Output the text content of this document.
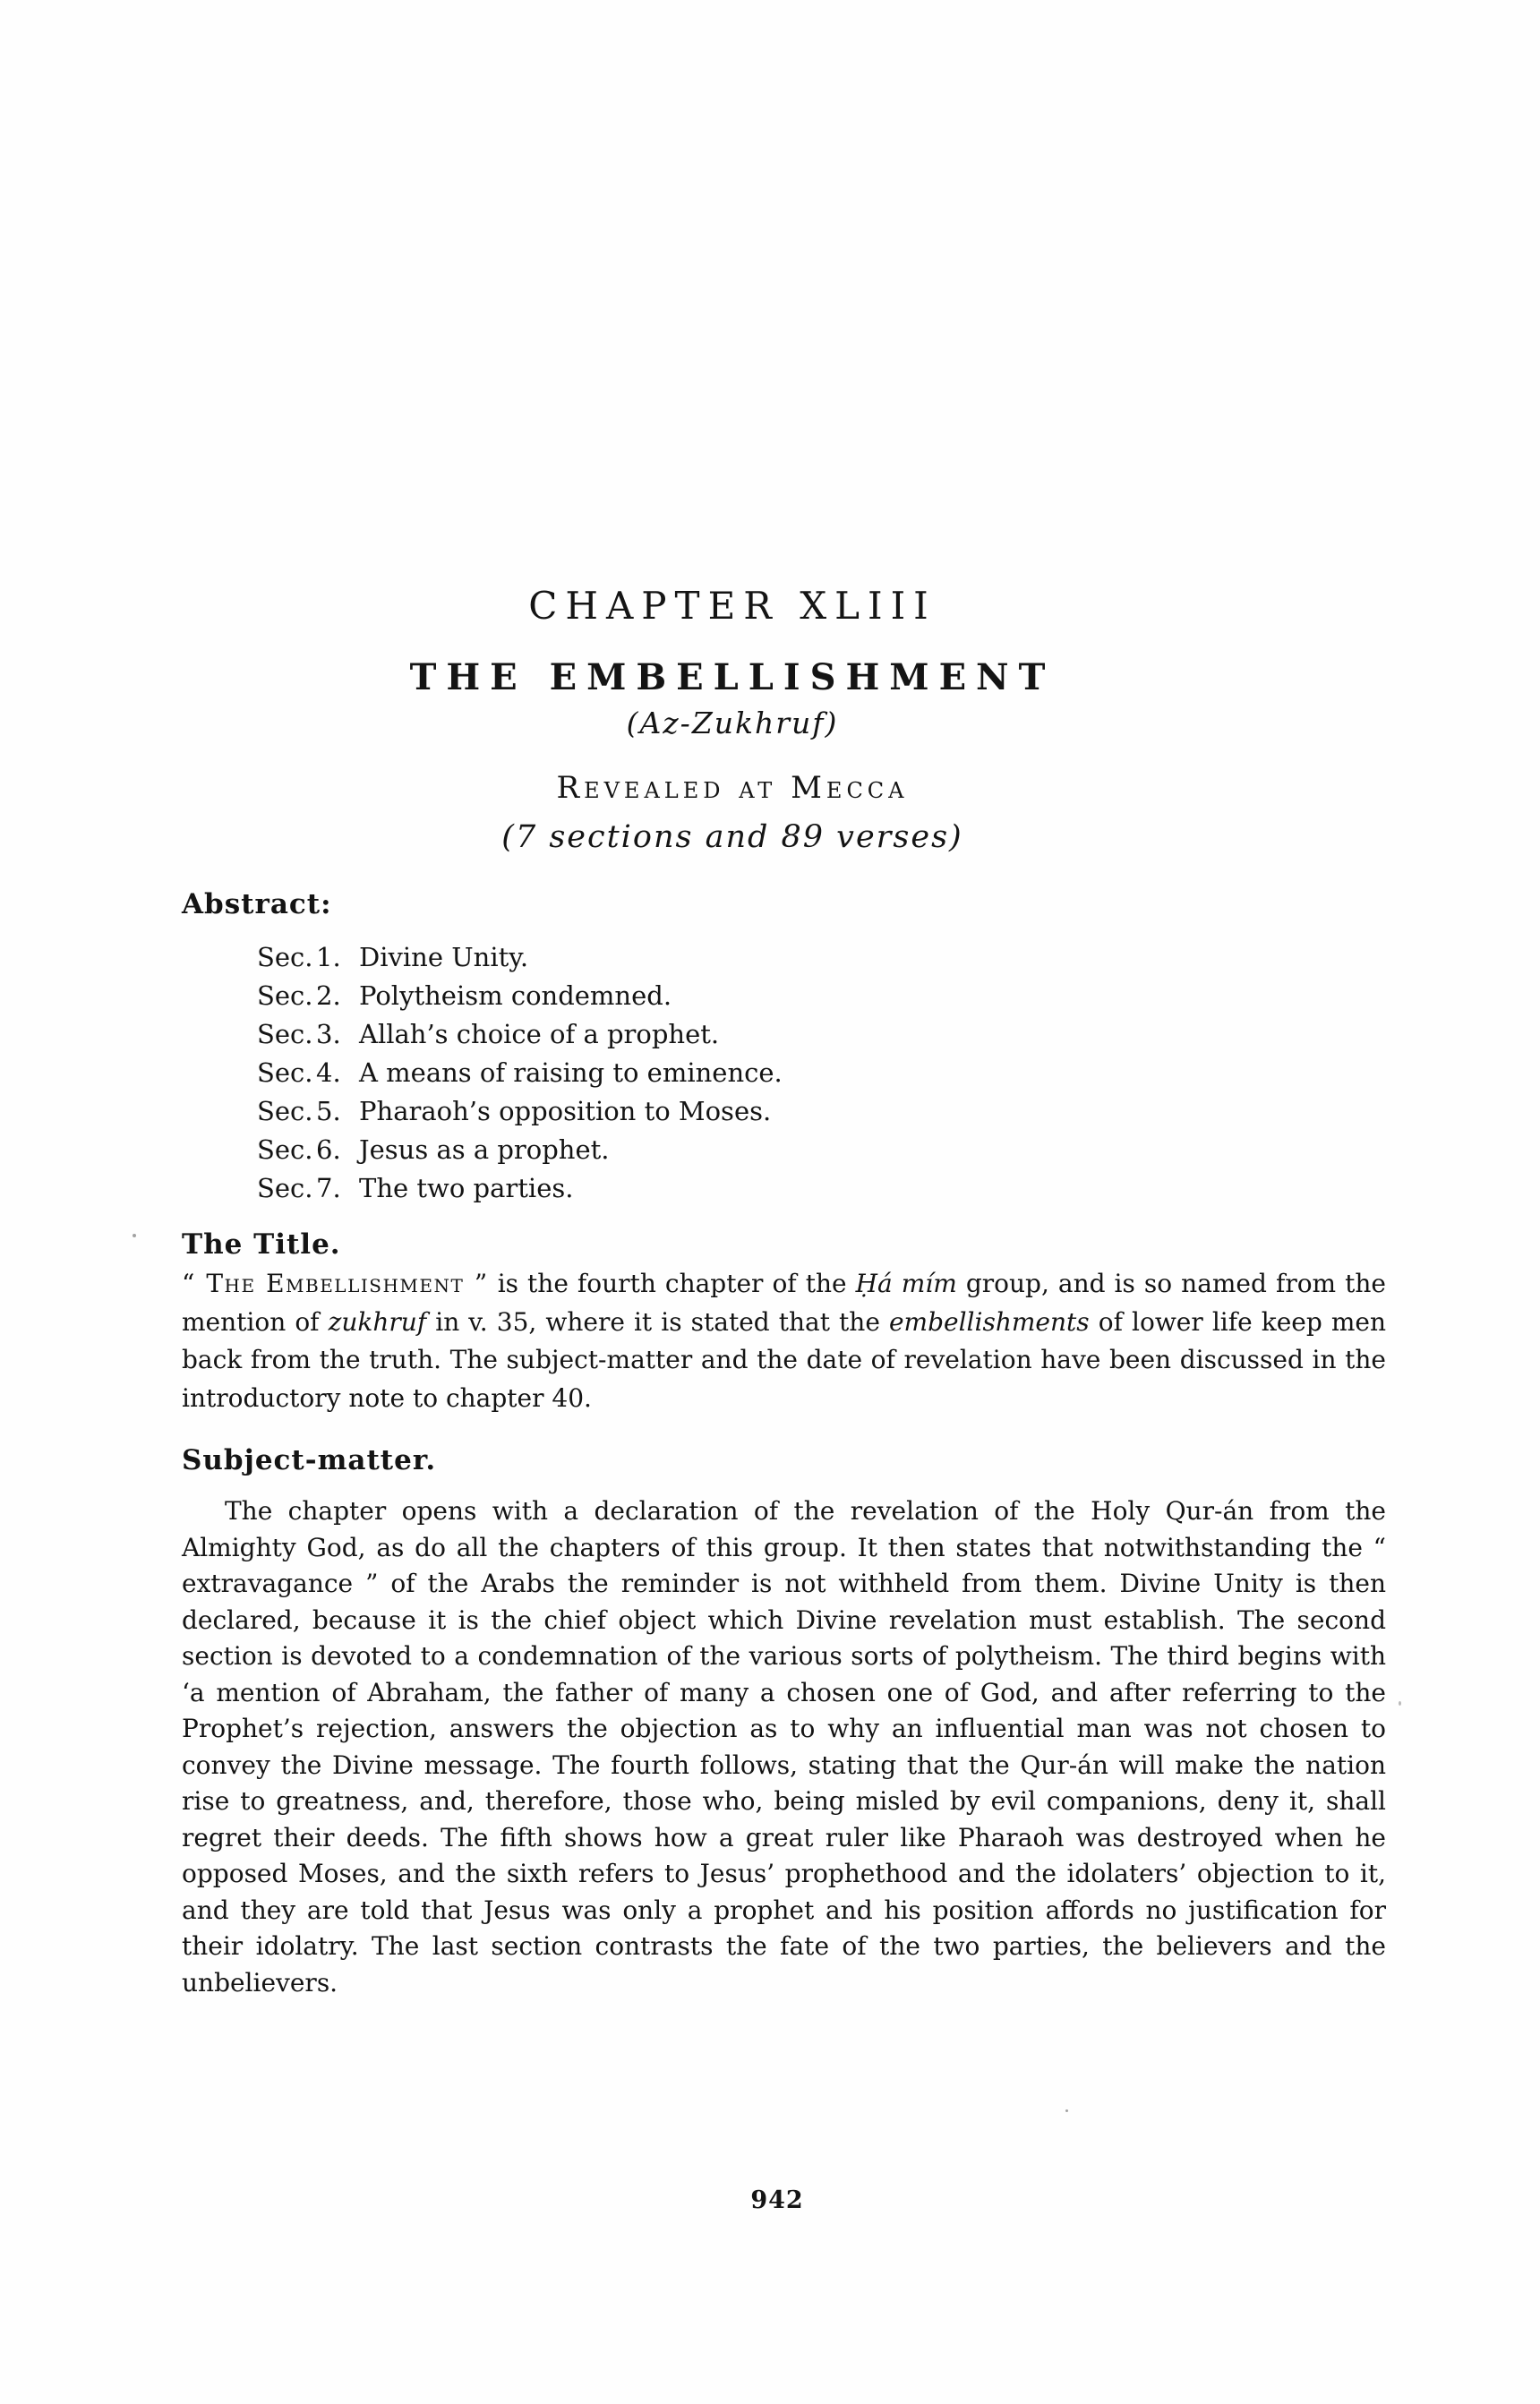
CHAPTER XLIII
THE EMBELLISHMENT
(Az-Zukhruf)
Revealed at Mecca
(7 sections and 89 verses)
Abstract:
Sec. 1. Divine Unity.
Sec. 2. Polytheism condemned.
Sec. 3. Allah’s choice of a prophet.
Sec. 4. A means of raising to eminence.
Sec. 5. Pharaoh’s opposition to Moses.
Sec. 6. Jesus as a prophet.
Sec. 7. The two parties.
The Title.
“ The Embellishment ” is the fourth chapter of the Ḥá mím group, and is so named from the mention of zukhruf in v. 35, where it is stated that the embellishments of lower life keep men back from the truth. The subject-matter and the date of revelation have been discussed in the introductory note to chapter 40.
Subject-matter.
The chapter opens with a declaration of the revelation of the Holy Qur-án from the Almighty God, as do all the chapters of this group. It then states that notwithstanding the “ extravagance ” of the Arabs the reminder is not withheld from them. Divine Unity is then declared, because it is the chief object which Divine revelation must establish. The second section is devoted to a condemnation of the various sorts of polytheism. The third begins with ‘a mention of Abraham, the father of many a chosen one of God, and after referring to the Prophet’s rejection, answers the objection as to why an influential man was not chosen to convey the Divine message. The fourth follows, stating that the Qur-án will make the nation rise to greatness, and, therefore, those who, being misled by evil companions, deny it, shall regret their deeds. The fifth shows how a great ruler like Pharaoh was destroyed when he opposed Moses, and the sixth refers to Jesus’ prophethood and the idolaters’ objection to it, and they are told that Jesus was only a prophet and his position affords no justification for their idolatry. The last section contrasts the fate of the two parties, the believers and the unbelievers.
942
